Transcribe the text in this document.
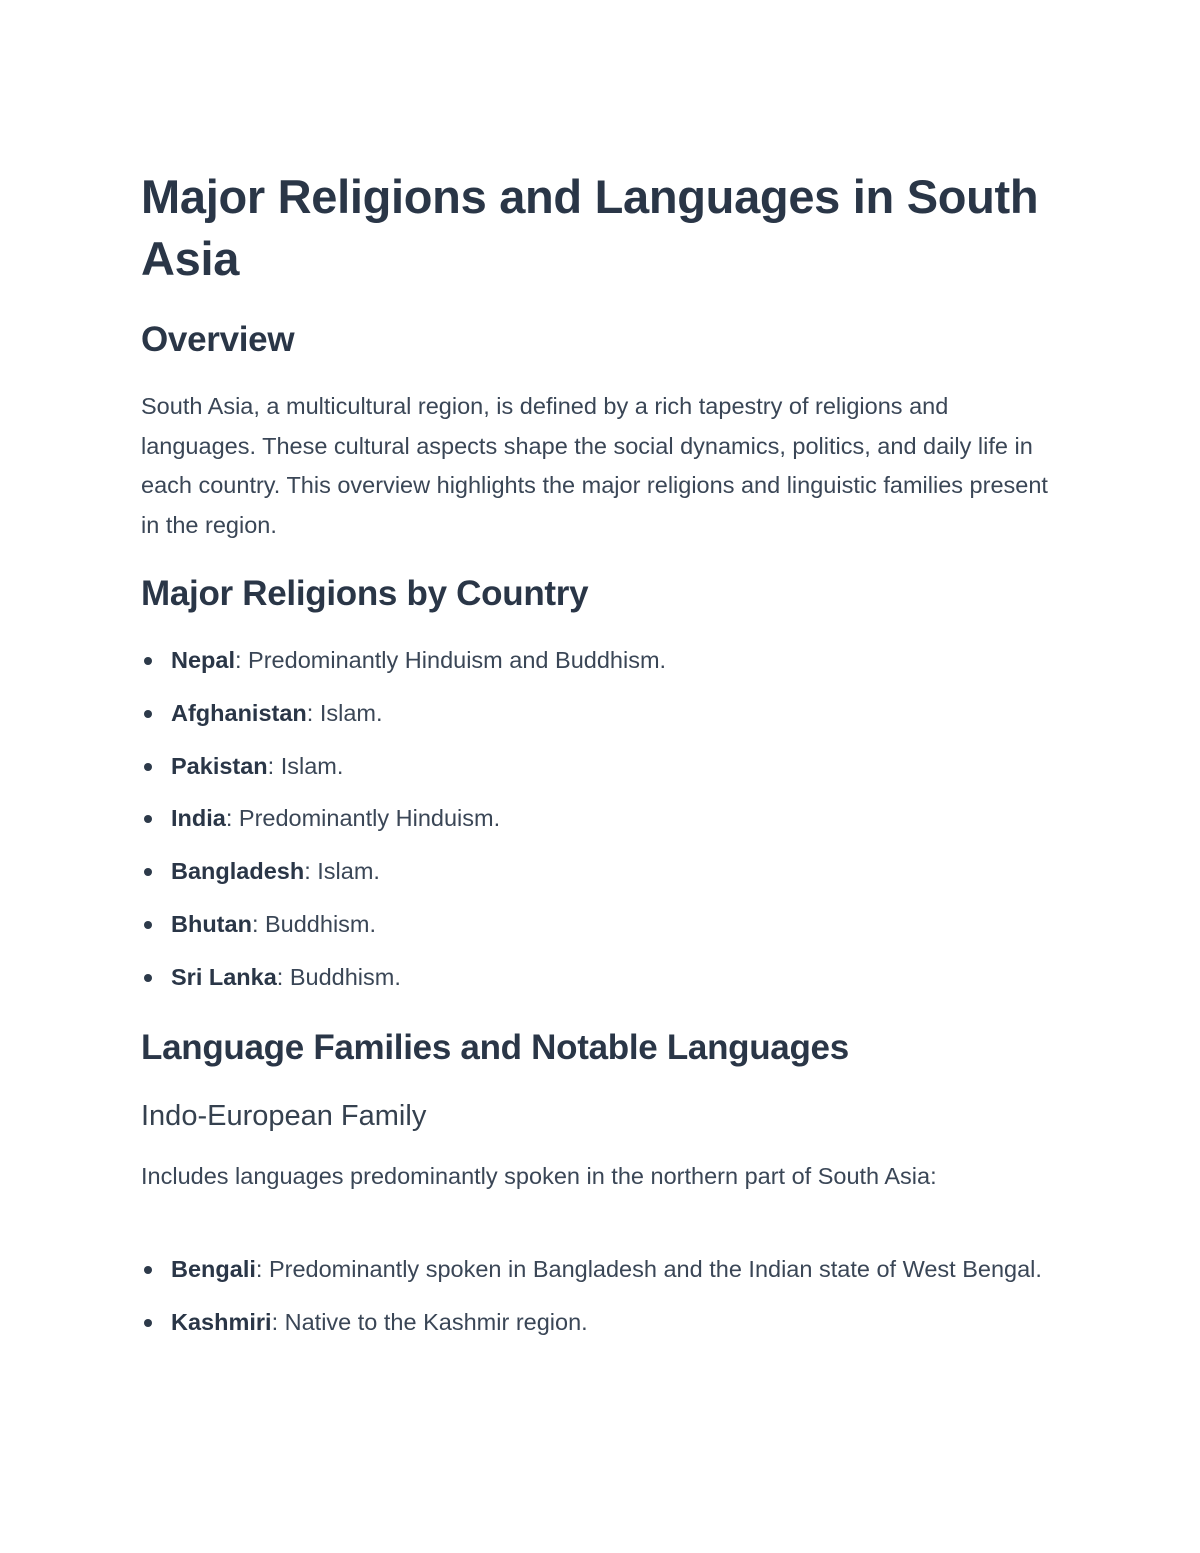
Major Religions and Languages in South Asia
Overview

South Asia, a multicultural region, is defined by a rich tapestry of religions and languages. These cultural aspects shape the social dynamics, politics, and daily life in each country. This overview highlights the major religions and linguistic families present in the region.

Major Religions by Country
Nepal: Predominantly Hinduism and Buddhism.
Afghanistan: Islam.
Pakistan: Islam.
India: Predominantly Hinduism.
Bangladesh: Islam.
Bhutan: Buddhism.
Sri Lanka: Buddhism.
Language Families and Notable Languages
Indo-European Family

Includes languages predominantly spoken in the northern part of South Asia:

Bengali: Predominantly spoken in Bangladesh and the Indian state of West Bengal.
Kashmiri: Native to the Kashmir region.
